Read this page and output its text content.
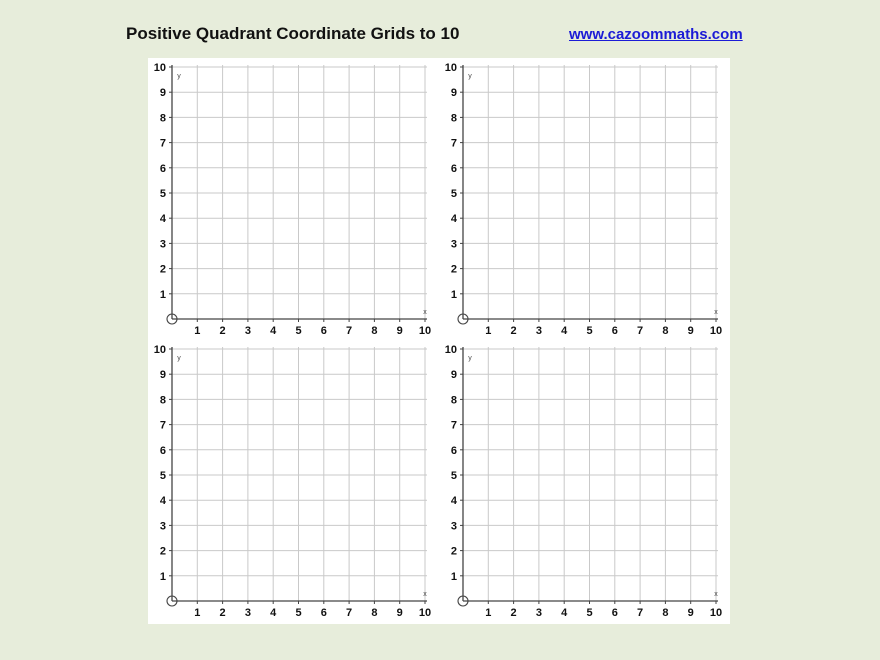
Positive Quadrant Coordinate Grids to 10	www.cazoommaths.com
1 2 3 4 5 6 7 8 9 10
1
2
3
4
5
6
7
8
9
10
x
y
1 2 3 4 5 6 7 8 9 10
1
2
3
4
5
6
7
8
9
10
x
y
1 2 3 4 5 6 7 8 9 10
1
2
3
4
5
6
7
8
9
10
x
y
1 2 3 4 5 6 7 8 9 10
1
2
3
4
5
6
7
8
9
10
x
y
